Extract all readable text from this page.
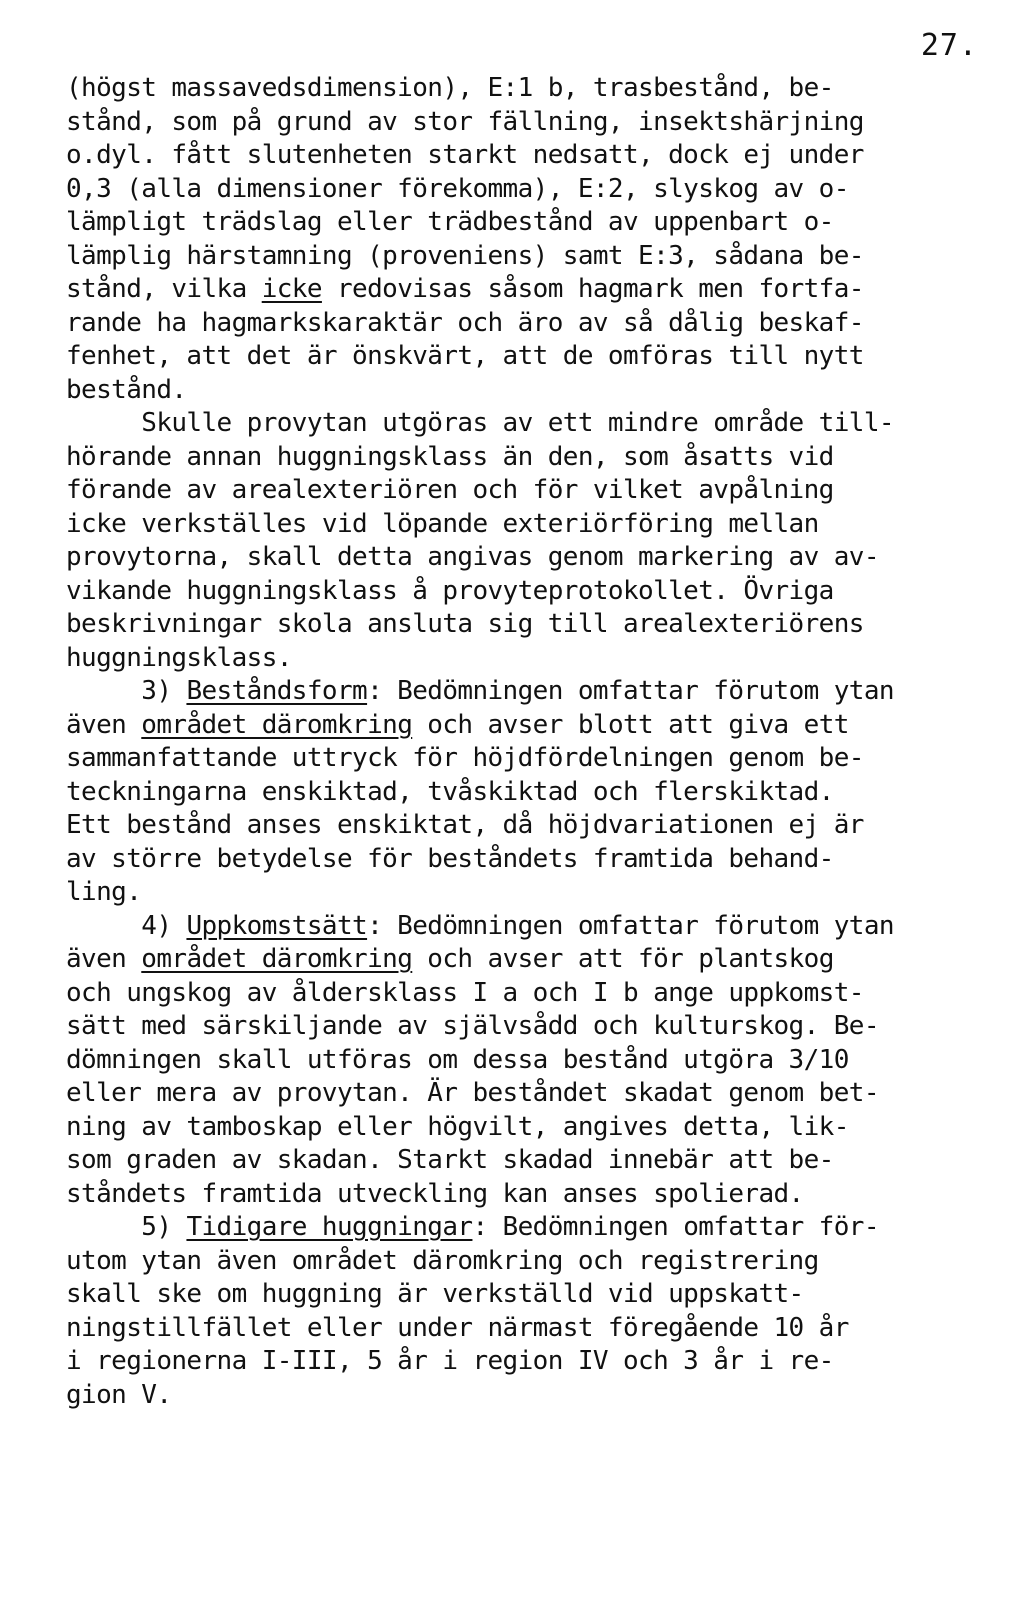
27.
(högst massavedsdimension), E:1 b, trasbestånd, be-
stånd, som på grund av stor fällning, insektshärjning
o.dyl. fått slutenheten starkt nedsatt, dock ej under
0,3 (alla dimensioner förekomma), E:2, slyskog av o-
lämpligt trädslag eller trädbestånd av uppenbart o-
lämplig härstamning (proveniens) samt E:3, sådana be-
stånd, vilka icke redovisas såsom hagmark men fortfa-
rande ha hagmarkskaraktär och äro av så dålig beskaf-
fenhet, att det är önskvärt, att de omföras till nytt
bestånd.
Skulle provytan utgöras av ett mindre område till-
hörande annan huggningsklass än den, som åsatts vid
förande av arealexteriören och för vilket avpålning
icke verkställes vid löpande exteriörföring mellan
provytorna, skall detta angivas genom markering av av-
vikande huggningsklass å provyteprotokollet. Övriga
beskrivningar skola ansluta sig till arealexteriörens
huggningsklass.
3) Beståndsform: Bedömningen omfattar förutom ytan
även området däromkring och avser blott att giva ett
sammanfattande uttryck för höjdfördelningen genom be-
teckningarna enskiktad, tvåskiktad och flerskiktad.
Ett bestånd anses enskiktat, då höjdvariationen ej är
av större betydelse för beståndets framtida behand-
ling.
4) Uppkomstsätt: Bedömningen omfattar förutom ytan
även området däromkring och avser att för plantskog
och ungskog av åldersklass I a och I b ange uppkomst-
sätt med särskiljande av självsådd och kulturskog. Be-
dömningen skall utföras om dessa bestånd utgöra 3/10
eller mera av provytan. Är beståndet skadat genom bet-
ning av tamboskap eller högvilt, angives detta, lik-
som graden av skadan. Starkt skadad innebär att be-
ståndets framtida utveckling kan anses spolierad.
5) Tidigare huggningar: Bedömningen omfattar för-
utom ytan även området däromkring och registrering
skall ske om huggning är verkställd vid uppskatt-
ningstillfället eller under närmast föregående 10 år
i regionerna I-III, 5 år i region IV och 3 år i re-
gion V.
